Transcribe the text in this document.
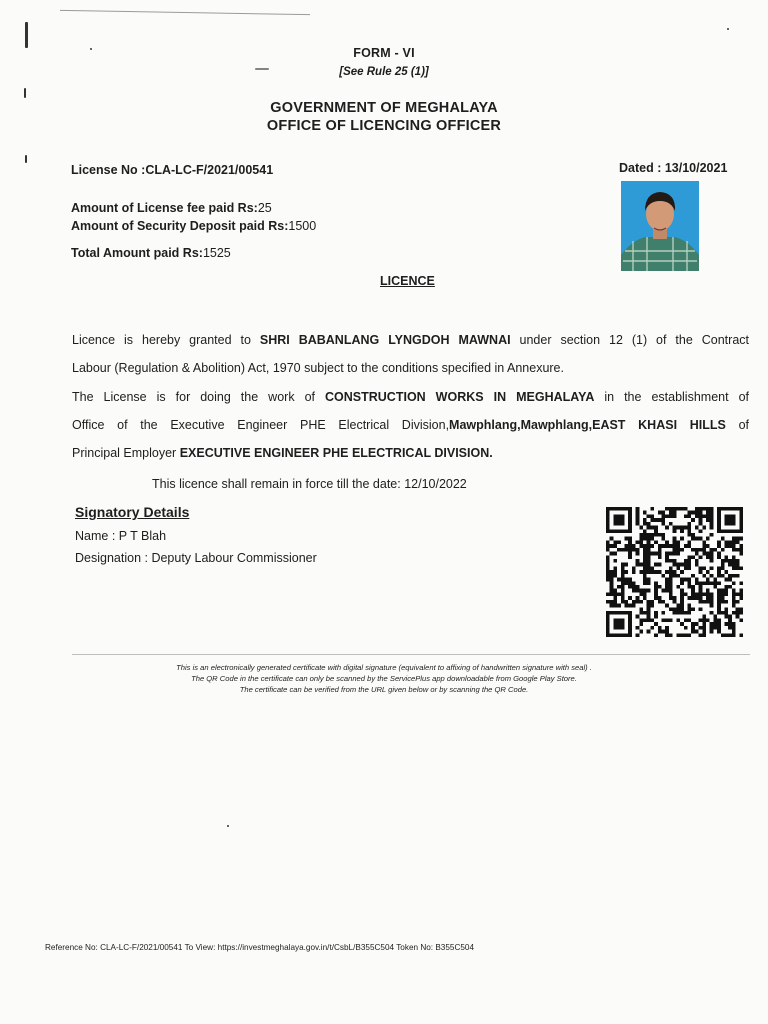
FORM - VI
[See Rule 25 (1)]
GOVERNMENT OF MEGHALAYA
OFFICE OF LICENCING OFFICER
License No :CLA-LC-F/2021/00541	Dated : 13/10/2021
Amount of License fee paid Rs:25
Amount of Security Deposit paid Rs:1500
Total Amount paid Rs:1525
LICENCE
Licence is hereby granted to SHRI BABANLANG LYNGDOH MAWNAI under section 12 (1) of the Contract
Labour (Regulation & Abolition) Act, 1970 subject to the conditions specified in Annexure.
The License is for doing the work of CONSTRUCTION WORKS IN MEGHALAYA in the establishment of
Office of the Executive Engineer PHE Electrical Division,Mawphlang,Mawphlang,EAST KHASI HILLS of
Principal Employer EXECUTIVE ENGINEER PHE ELECTRICAL DIVISION.
This licence shall remain in force till the date: 12/10/2022
Signatory Details
Name : P T Blah
Designation : Deputy Labour Commissioner
This is an electronically generated certificate with digital signature (equivalent to affixing of handwritten signature with seal) .
The QR Code in the certificate can only be scanned by the ServicePlus app downloadable from Google Play Store.
The certificate can be verified from the URL given below or by scanning the QR Code.
Reference No: CLA-LC-F/2021/00541 To View: https://investmeghalaya.gov.in/t/CsbL/B355C504 Token No: B355C504
